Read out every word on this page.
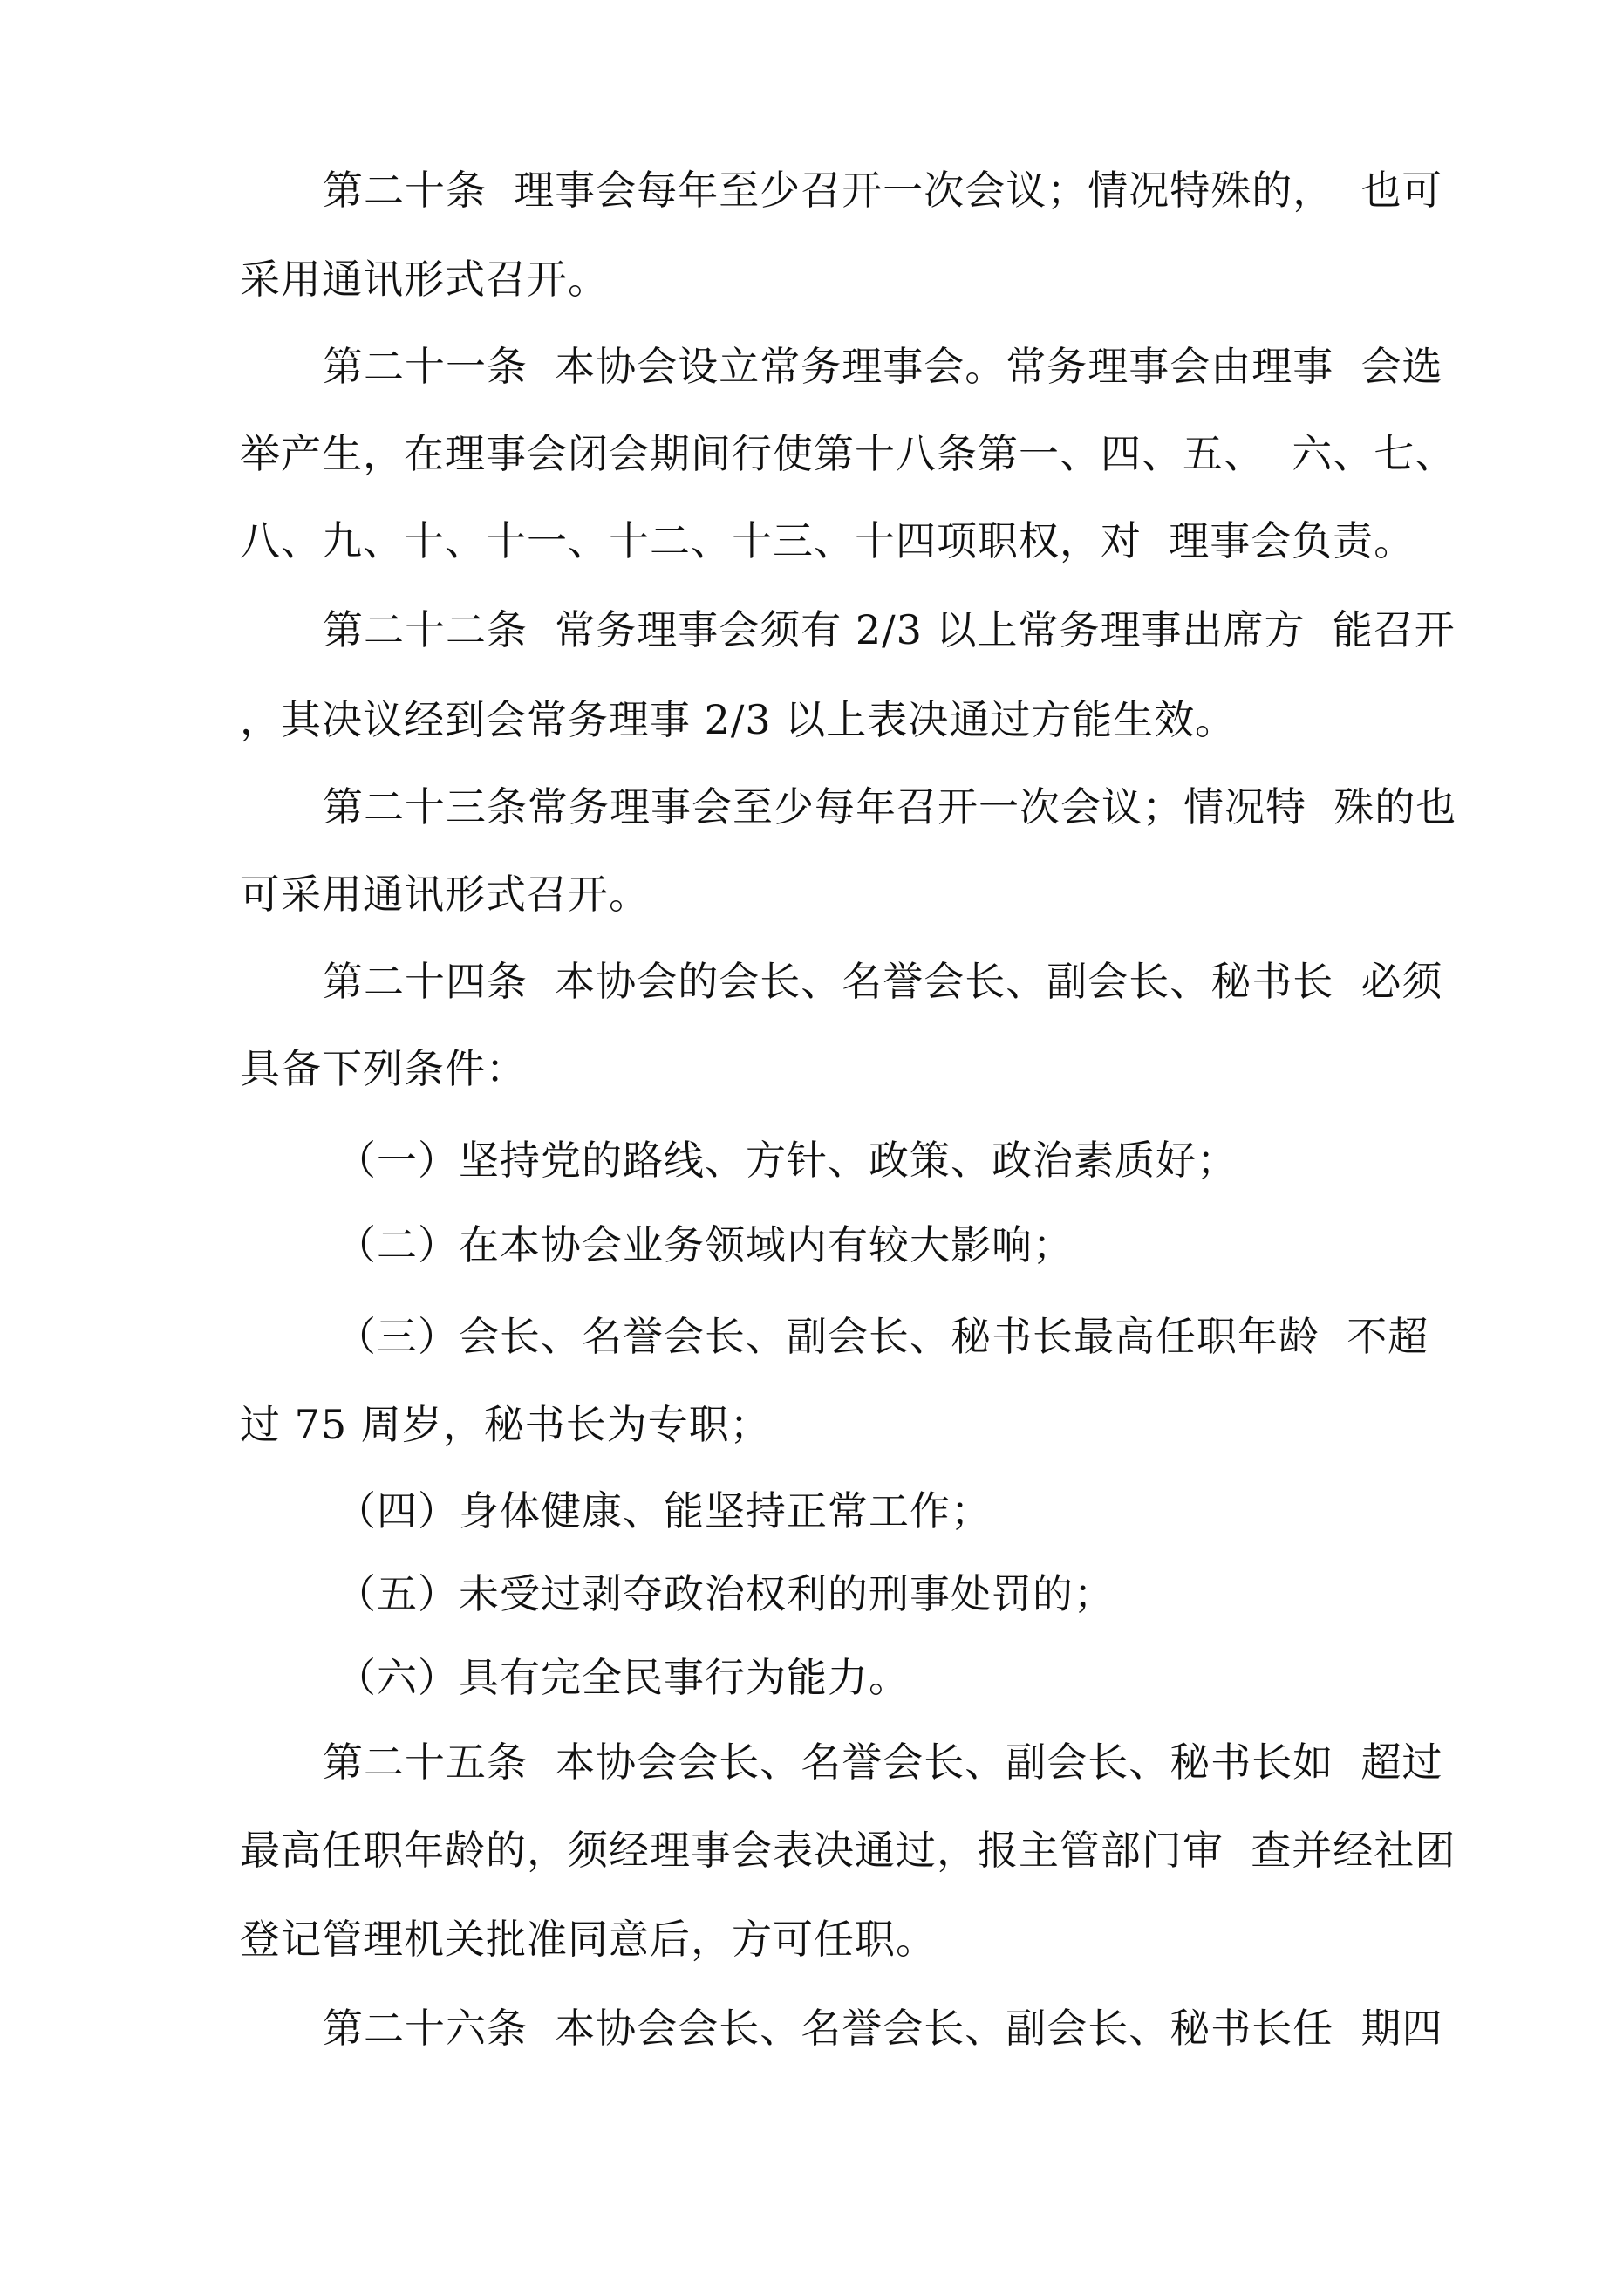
第二十条  理事会每年至少召开一次会议；情况特殊的，  也可
采用通讯形式召开。
第二十一条  本协会设立常务理事会。常务理事会由理事  会选
举产生，在理事会闭会期间行使第十八条第一、四、五、  六、七、
八、九、十、十一、十二、十三、十四项职权，对  理事会负责。
第二十二条  常务理事会须有 2/3 以上常务理事出席方  能召开
，其决议经到会常务理事 2/3 以上表决通过方能生效。
第二十三条常务理事会至少每年召开一次会议；情况特  殊的也
可采用通讯形式召开。
第二十四条  本协会的会长、名誉会长、副会长、秘书长  必须
具备下列条件：
（一）坚持党的路线、方针、政策、政治素质好；
（二）在本协会业务领域内有较大影响；
（三）会长、名誉会长、副会长、秘书长最高任职年龄  不超
过 75 周岁，秘书长为专职；
（四）身体健康、能坚持正常工作；
（五）未受过剥夺政治权利的刑事处罚的；
（六）具有完全民事行为能力。
第二十五条  本协会会长、名誉会长、副会长、秘书长如  超过
最高任职年龄的，须经理事会表决通过，报主管部门审  查并经社团
登记管理机关批准同意后，方可任职。
第二十六条  本协会会长、名誉会长、副会长、秘书长任  期四
